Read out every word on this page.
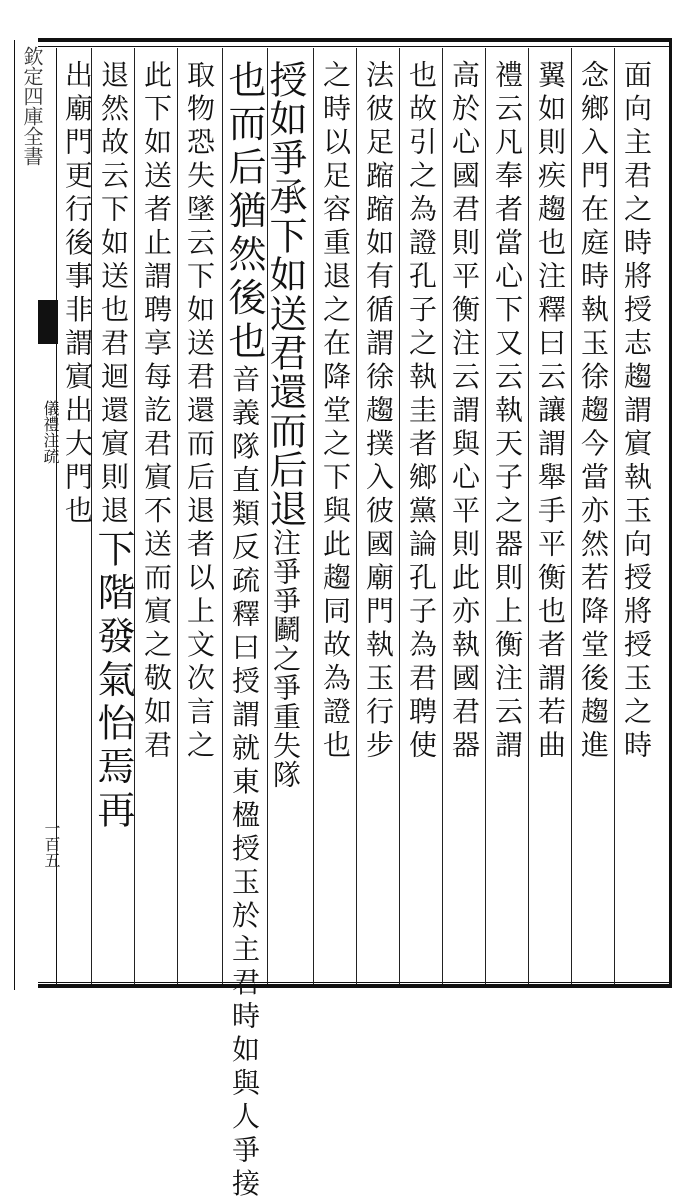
欽定四庫全書
儀禮注疏
一百五
面向主君之時將授志趨謂賔執玉向授將授玉之時
念鄉入門在庭時執玉徐趨今當亦然若降堂後趨進
翼如則疾趨也注釋曰云讓謂舉手平衡也者謂若曲
禮云凡奉者當心下又云執天子之器則上衡注云謂
高於心國君則平衡注云謂與心平則此亦執國君器
也故引之為證孔子之執圭者鄉黨論孔子為君聘使
法彼足蹜蹜如有循謂徐趨撲入彼國廟門執玉行步
之時以足容重退之在降堂之下與此趨同故為證也
授如爭承下如送君還而后退注爭爭鬬之爭重失隊
也而后猶然後也音義隊直類反疏釋曰授謂就東楹授玉於主君時如與人爭接
取物恐失墜云下如送君還而后退者以上文次言之
此下如送者止謂聘享每訖君賔不送而賔之敬如君
退然故云下如送也君迴還賔則退下階發氣怡焉再
出廟門更行後事非謂賔出大門也
